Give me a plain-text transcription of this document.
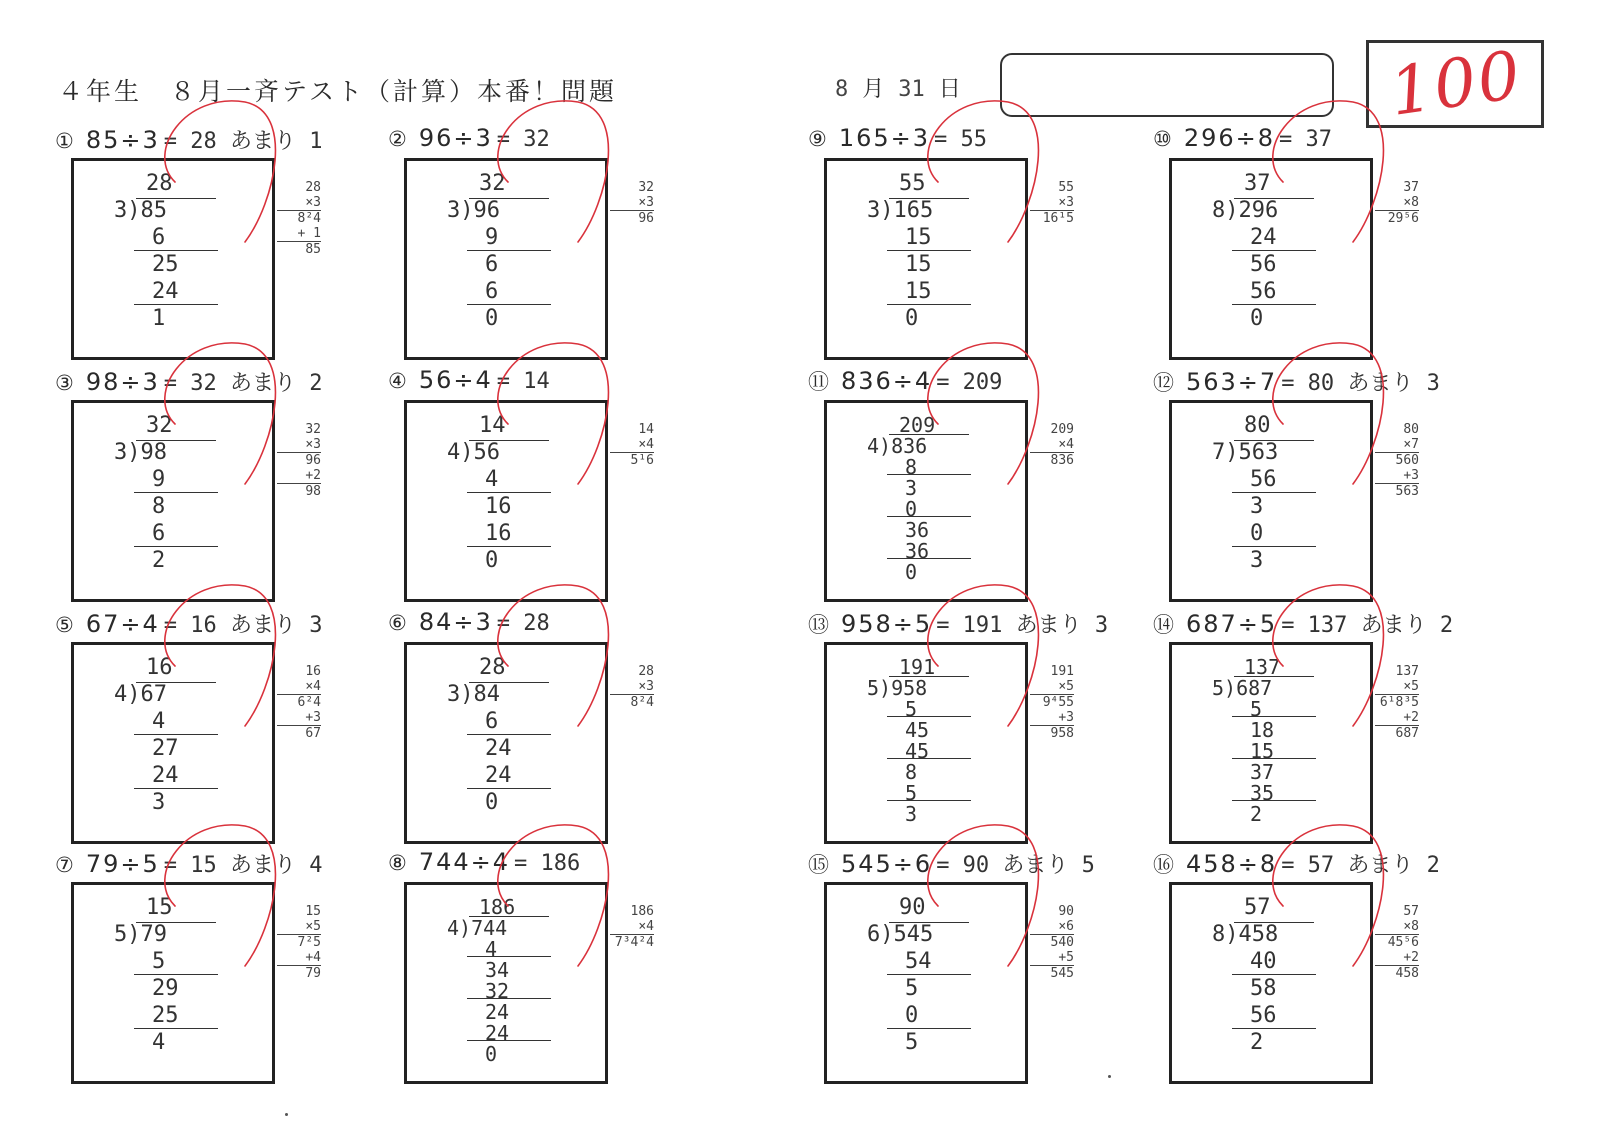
４年生　８月一斉テスト（計算）本番！問題	8 月 31 日	100
① 85÷3 = 28 あまり 1
28
3)85
6
25
24
1
28
×3
8²4
+ 1
85
② 96÷3 = 32
32
3)96
9
6
6
0
32
×3
96
③ 98÷3 = 32 あまり 2
32
3)98
9
8
6
2
32
×3
96
+2
98
④ 56÷4 = 14
14
4)56
4
16
16
0
14
×4
5¹6
⑤ 67÷4 = 16 あまり 3
16
4)67
4
27
24
3
16
×4
6²4
+3
67
⑥ 84÷3 = 28
28
3)84
6
24
24
0
28
×3
8²4
⑦ 79÷5 = 15 あまり 4
15
5)79
5
29
25
4
15
×5
7²5
+4
79
⑧ 744÷4 = 186
186
4)744
4
34
32
24
24
0
186
×4
7³4²4
⑨ 165÷3 = 55
55
3)165
15
15
15
0
55
×3
16¹5
⑩ 296÷8 = 37
37
8)296
24
56
56
0
37
×8
29⁵6
⑪ 836÷4 = 209
209
4)836
8
3
0
36
36
0
209
×4
836
⑫ 563÷7 = 80 あまり 3
80
7)563
56
3
0
3
80
×7
560
+3
563
⑬ 958÷5 = 191 あまり 3
191
5)958
5
45
45
8
5
3
191
×5
9⁴55
+3
958
⑭ 687÷5 = 137 あまり 2
137
5)687
5
18
15
37
35
2
137
×5
6¹8³5
+2
687
⑮ 545÷6 = 90 あまり 5
90
6)545
54
5
0
5
90
×6
540
+5
545
⑯ 458÷8 = 57 あまり 2
57
8)458
40
58
56
2
57
×8
45⁵6
+2
458
